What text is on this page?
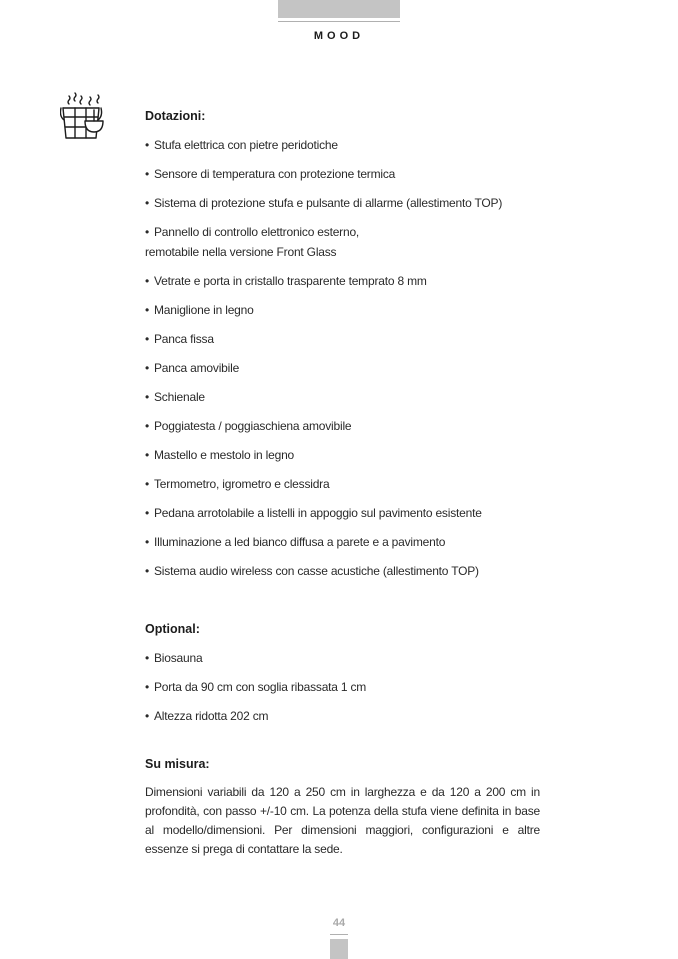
MOOD
Dotazioni:
• Stufa elettrica con pietre peridotiche
• Sensore di temperatura con protezione termica
• Sistema di protezione stufa e pulsante di allarme (allestimento TOP)
• Pannello di controllo elettronico esterno,
remotabile nella versione Front Glass
• Vetrate e porta in cristallo trasparente temprato 8 mm
• Maniglione in legno
• Panca fissa
• Panca amovibile
• Schienale
• Poggiatesta / poggiaschiena amovibile
• Mastello e mestolo in legno
• Termometro, igrometro e clessidra
• Pedana arrotolabile a listelli in appoggio sul pavimento esistente
• Illuminazione a led bianco diffusa a parete e a pavimento
• Sistema audio wireless con casse acustiche (allestimento TOP)
Optional:
• Biosauna
• Porta da 90 cm con soglia ribassata 1 cm
• Altezza ridotta 202 cm
Su misura:

Dimensioni variabili da 120 a 250 cm in larghezza e da 120 a 200 cm in profondità, con passo +/-10 cm. La potenza della stufa viene definita in base al modello/dimensioni. Per dimensioni maggiori, configurazioni e altre essenze si prega di contattare la sede.

44
